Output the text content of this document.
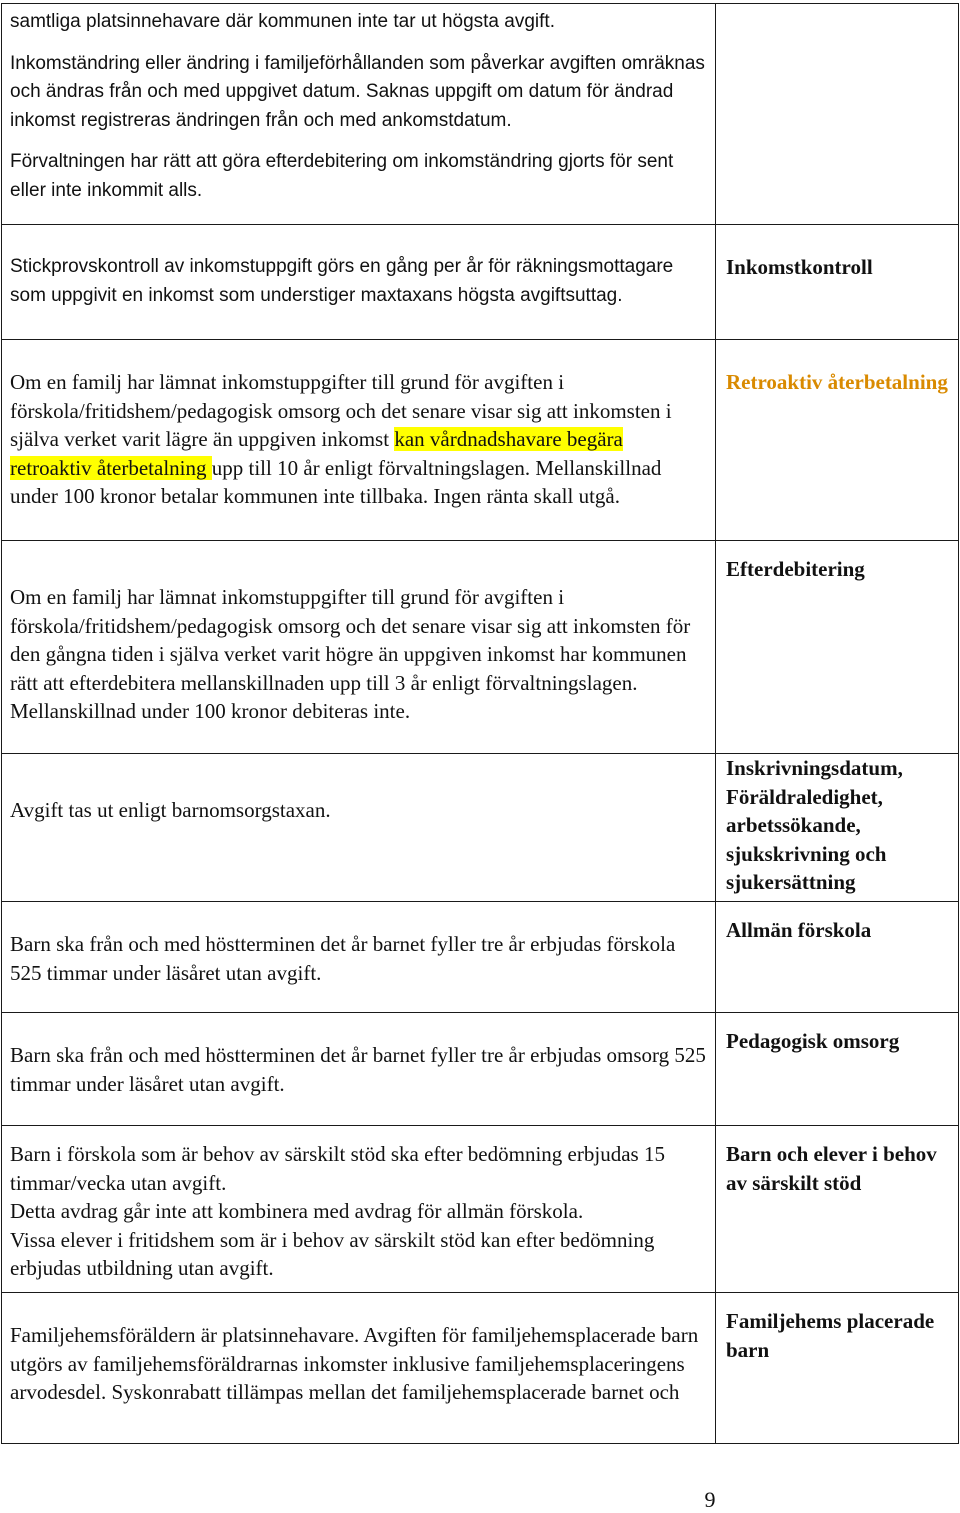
samtliga platsinnehavare där kommunen inte tar ut högsta avgift.

Inkomständring eller ändring i familjeförhållanden som påverkar avgiften omräknas och ändras från och med uppgivet datum. Saknas uppgift om datum för ändrad inkomst registreras ändringen från och med ankomstdatum.

Förvaltningen har rätt att göra efterdebitering om inkomständring gjorts för sent eller inte inkommit alls.	

Stickprovskontroll av inkomstuppgift görs en gång per år för räkningsmottagare som uppgivit en inkomst som understiger maxtaxans högsta avgiftsuttag.	Inkomstkontroll

Om en familj har lämnat inkomstuppgifter till grund för avgiften i förskola/fritidshem/pedagogisk omsorg och det senare visar sig att inkomsten i själva verket varit lägre än uppgiven inkomst kan vårdnadshavare begära retroaktiv återbetalning upp till 10 år enligt förvaltningslagen. Mellanskillnad under 100 kronor betalar kommunen inte tillbaka. Ingen ränta skall utgå.	Retroaktiv återbetalning

Om en familj har lämnat inkomstuppgifter till grund för avgiften i förskola/fritidshem/pedagogisk omsorg och det senare visar sig att inkomsten för den gångna tiden i själva verket varit högre än uppgiven inkomst har kommunen rätt att efterdebitera mellanskillnaden upp till 3 år enligt förvaltningslagen. Mellanskillnad under 100 kronor debiteras inte.	Efterdebitering

Avgift tas ut enligt barnomsorgstaxan.	Inskrivningsdatum, Föräldraledighet, arbetssökande, sjukskrivning och sjukersättning

Barn ska från och med höstterminen det år barnet fyller tre år erbjudas förskola 525 timmar under läsåret utan avgift.	Allmän förskola

Barn ska från och med höstterminen det år barnet fyller tre år erbjudas omsorg 525 timmar under läsåret utan avgift.	Pedagogisk omsorg

Barn i förskola som är behov av särskilt stöd ska efter bedömning erbjudas 15 timmar/vecka utan avgift.

Detta avdrag går inte att kombinera med avdrag för allmän förskola.

Vissa elever i fritidshem som är i behov av särskilt stöd kan efter bedömning erbjudas utbildning utan avgift.	Barn och elever i behov av särskilt stöd

Familjehemsföräldern är platsinnehavare. Avgiften för familjehemsplacerade barn utgörs av familjehemsföräldrarnas inkomster inklusive familjehemsplaceringens arvodesdel. Syskonrabatt tillämpas mellan det familjehemsplacerade barnet och	Familjehems placerade barn

9
